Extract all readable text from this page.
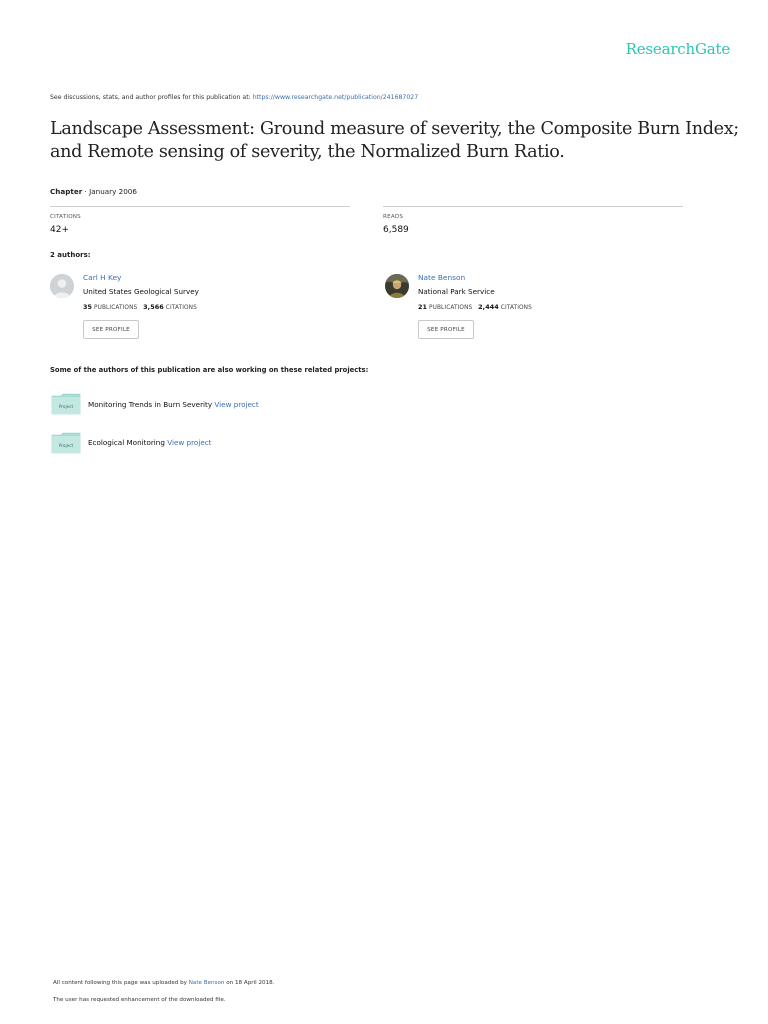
ResearchGate
See discussions, stats, and author profiles for this publication at: https://www.researchgate.net/publication/241687027
Landscape Assessment: Ground measure of severity, the Composite Burn Index;
and Remote sensing of severity, the Normalized Burn Ratio.
Chapter · January 2006
CITATIONS
42+
READS
6,589
2 authors:
Carl H Key
United States Geological Survey
35 PUBLICATIONS 3,566 CITATIONS
SEE PROFILE
Nate Benson
National Park Service
21 PUBLICATIONS 2,444 CITATIONS
SEE PROFILE
Some of the authors of this publication are also working on these related projects:
Project Monitoring Trends in Burn Severity View project
Project Ecological Monitoring View project
All content following this page was uploaded by Nate Benson on 18 April 2018.
The user has requested enhancement of the downloaded file.
